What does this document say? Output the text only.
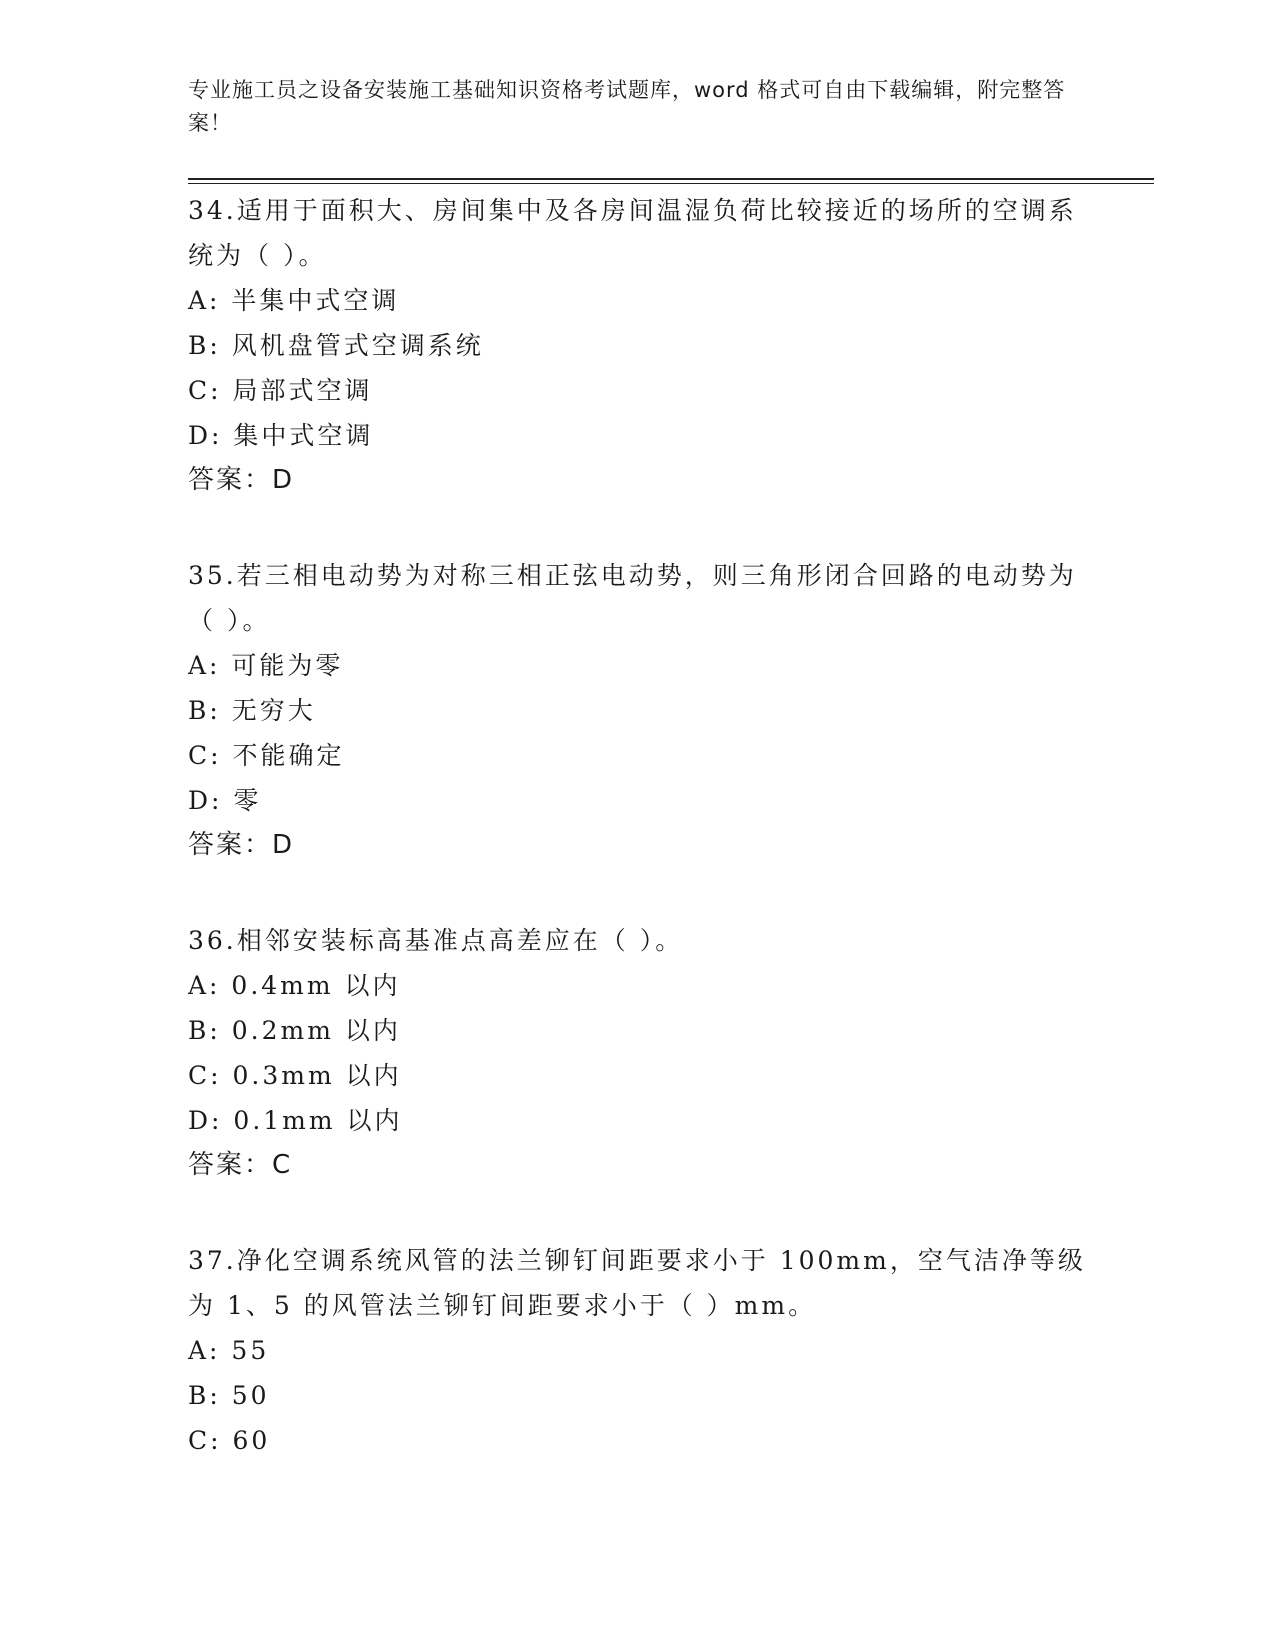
专业施工员之设备安装施工基础知识资格考试题库，word 格式可自由下载编辑，附完整答案！

34.适用于面积大、房间集中及各房间温湿负荷比较接近的场所的空调系统为（ ）。

A: 半集中式空调

B: 风机盘管式空调系统

C: 局部式空调

D: 集中式空调

答案：D

35.若三相电动势为对称三相正弦电动势，则三角形闭合回路的电动势为（ ）。

A: 可能为零

B: 无穷大

C: 不能确定

D: 零

答案：D

36.相邻安装标高基准点高差应在（ ）。

A: 0.4mm 以内

B: 0.2mm 以内

C: 0.3mm 以内

D: 0.1mm 以内

答案：C

37.净化空调系统风管的法兰铆钉间距要求小于 100mm，空气洁净等级为 1、5 的风管法兰铆钉间距要求小于（ ）mm。

A: 55

B: 50

C: 60
